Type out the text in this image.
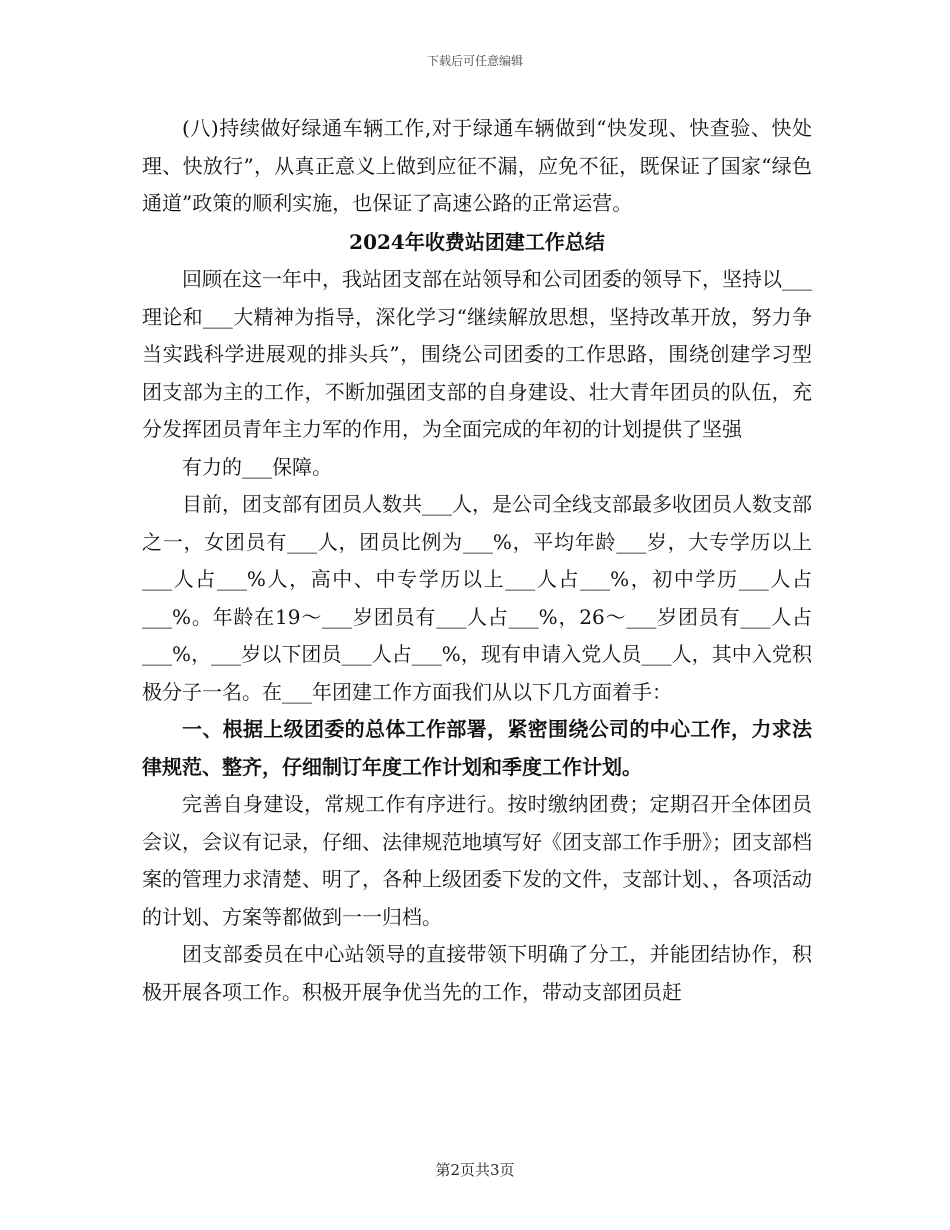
下载后可任意编辑

(八)持续做好绿通车辆工作,对于绿通车辆做到“快发现、快查验、快处理、快放行”，从真正意义上做到应征不漏，应免不征，既保证了国家“绿色通道”政策的顺利实施，也保证了高速公路的正常运营。

2024年收费站团建工作总结

回顾在这一年中，我站团支部在站领导和公司团委的领导下，坚持以___理论和___大精神为指导，深化学习“继续解放思想，坚持改革开放，努力争当实践科学进展观的排头兵”，围绕公司团委的工作思路，围绕创建学习型团支部为主的工作，不断加强团支部的自身建设、壮大青年团员的队伍，充分发挥团员青年主力军的作用，为全面完成的年初的计划提供了坚强

有力的___保障。

目前，团支部有团员人数共___人，是公司全线支部最多收团员人数支部之一，女团员有___人，团员比例为___%，平均年龄___岁，大专学历以上___人占___%人，高中、中专学历以上___人占___%，初中学历___人占___%。年龄在19～___岁团员有___人占___%，26～___岁团员有___人占___%，___岁以下团员___人占___%，现有申请入党人员___人，其中入党积极分子一名。在___年团建工作方面我们从以下几方面着手：

一、根据上级团委的总体工作部署，紧密围绕公司的中心工作，力求法律规范、整齐，仔细制订年度工作计划和季度工作计划。

完善自身建设，常规工作有序进行。按时缴纳团费；定期召开全体团员会议，会议有记录，仔细、法律规范地填写好《团支部工作手册》；团支部档案的管理力求清楚、明了，各种上级团委下发的文件，支部计划、，各项活动的计划、方案等都做到一一归档。

团支部委员在中心站领导的直接带领下明确了分工，并能团结协作，积极开展各项工作。积极开展争优当先的工作，带动支部团员赶

第2页共3页
